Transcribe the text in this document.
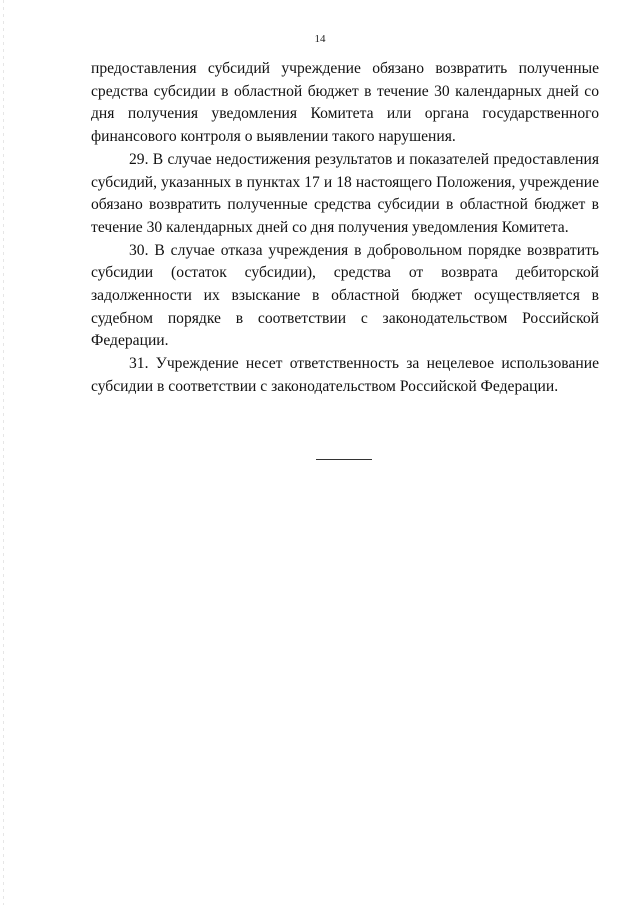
14

предоставления субсидий учреждение обязано возвратить полученные средства субсидии в областной бюджет в течение 30 календарных дней со дня получения уведомления Комитета или органа государственного финансового контроля о выявлении такого нарушения.

29. В случае недостижения результатов и показателей предоставления субсидий, указанных в пунктах 17 и 18 настоящего Положения, учреждение обязано возвратить полученные средства субсидии в областной бюджет в течение 30 календарных дней со дня получения уведомления Комитета.

30. В случае отказа учреждения в добровольном порядке возвратить субсидии (остаток субсидии), средства от возврата дебиторской задолженности их взыскание в областной бюджет осуществляется в судебном порядке в соответствии с законодательством Российской Федерации.

31. Учреждение несет ответственность за нецелевое использование субсидии в соответствии с законодательством Российской Федерации.
